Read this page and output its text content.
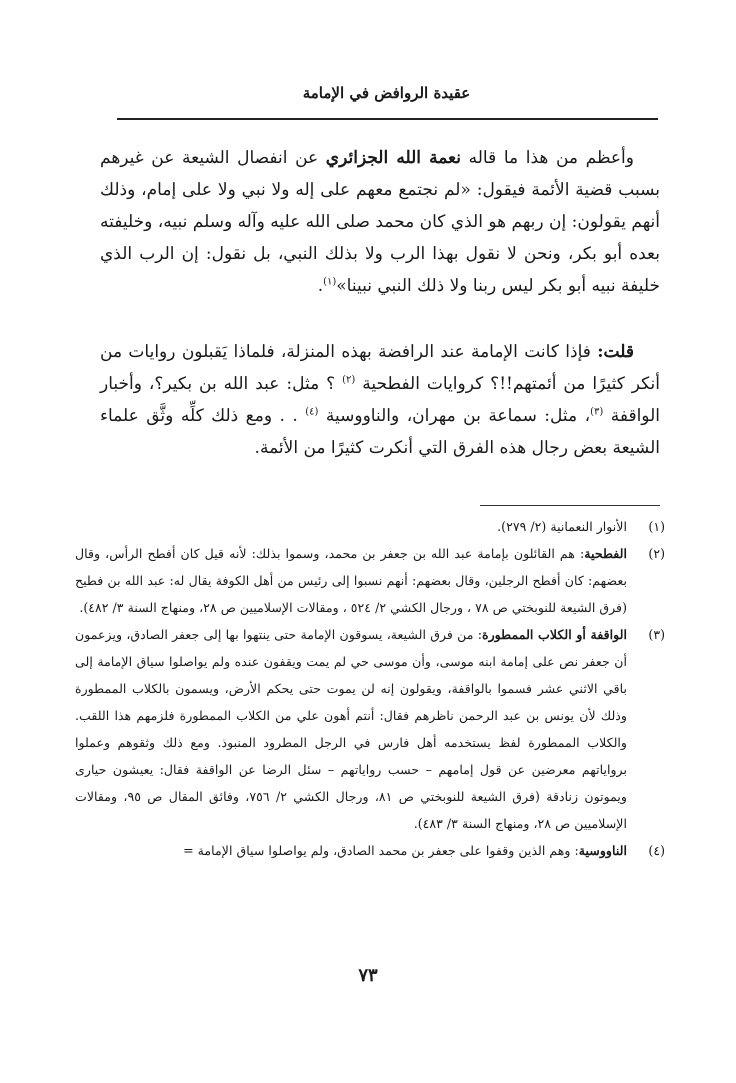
عقيدة الروافض في الإمامة

وأعظم من هذا ما قاله نعمة الله الجزائري عن انفصال الشيعة عن غيرهم بسبب قضية الأئمة فيقول: «لم نجتمع معهم على إله ولا نبي ولا على إمام، وذلك أنهم يقولون: إن ربهم هو الذي كان محمد صلى الله عليه وآله وسلم نبيه، وخليفته بعده أبو بكر، ونحن لا نقول بهذا الرب ولا بذلك النبي، بل نقول: إن الرب الذي خليفة نبيه أبو بكر ليس ربنا ولا ذلك النبي نبينا»$^{(١)}$.

قلت: فإذا كانت الإمامة عند الرافضة بهذه المنزلة، فلماذا يَقبلون روايات من أنكر كثيرًا من أئمتهم!!؟ كروايات الفطحية $^{(٢)}$ ؟ مثل: عبد الله بن بكير؟، وأخبار الواقفة $^{(٣)}$، مثل: سماعة بن مهران، والناووسية $^{(٤)}$ . . ومع ذلك كلِّه وثَّق علماء الشيعة بعض رجال هذه الفرق التي أنكرت كثيرًا من الأئمة.

(١)
الأنوار النعمانية (٢/ ٢٧٩).
(٢)
الفطحية: هم القائلون بإمامة عبد الله بن جعفر بن محمد، وسموا بذلك: لأنه قيل كان أفطح الرأس، وقال بعضهم: كان أفطح الرجلين، وقال بعضهم: أنهم نسبوا إلى رئيس من أهل الكوفة يقال له: عبد الله بن فطيح (فرق الشيعة للنوبختي ص ٧٨ ، ورجال الكشي ٢/ ٥٢٤ ، ومقالات الإسلاميين ص ٢٨، ومنهاج السنة ٣/ ٤٨٢).
(٣)
الواقفة أو الكلاب الممطورة: من فرق الشيعة، يسوقون الإمامة حتى ينتهوا بها إلى جعفر الصادق، ويزعمون أن جعفر نص على إمامة ابنه موسى، وأن موسى حي لم يمت ويقفون عنده ولم يواصلوا سياق الإمامة إلى باقي الاثني عشر فسموا بالواقفة، ويقولون إنه لن يموت حتى يحكم الأرض، ويسمون بالكلاب الممطورة وذلك لأن يونس بن عبد الرحمن ناظرهم فقال: أنتم أهون علي من الكلاب الممطورة فلزمهم هذا اللقب. والكلاب الممطورة لفظ يستخدمه أهل فارس في الرجل المطرود المنبوذ. ومع ذلك وثقوهم وعملوا برواياتهم معرضين عن قول إمامهم – حسب رواياتهم – سئل الرضا عن الواقفة فقال: يعيشون حيارى ويموتون زنادقة (فرق الشيعة للنوبختي ص ٨١، ورجال الكشي ٢/ ٧٥٦، وفائق المقال ص ٩٥، ومقالات الإسلاميين ص ٢٨، ومنهاج السنة ٣/ ٤٨٣).
(٤)
الناووسية: وهم الذين وقفوا على جعفر بن محمد الصادق، ولم يواصلوا سياق الإمامة =
٧٣
